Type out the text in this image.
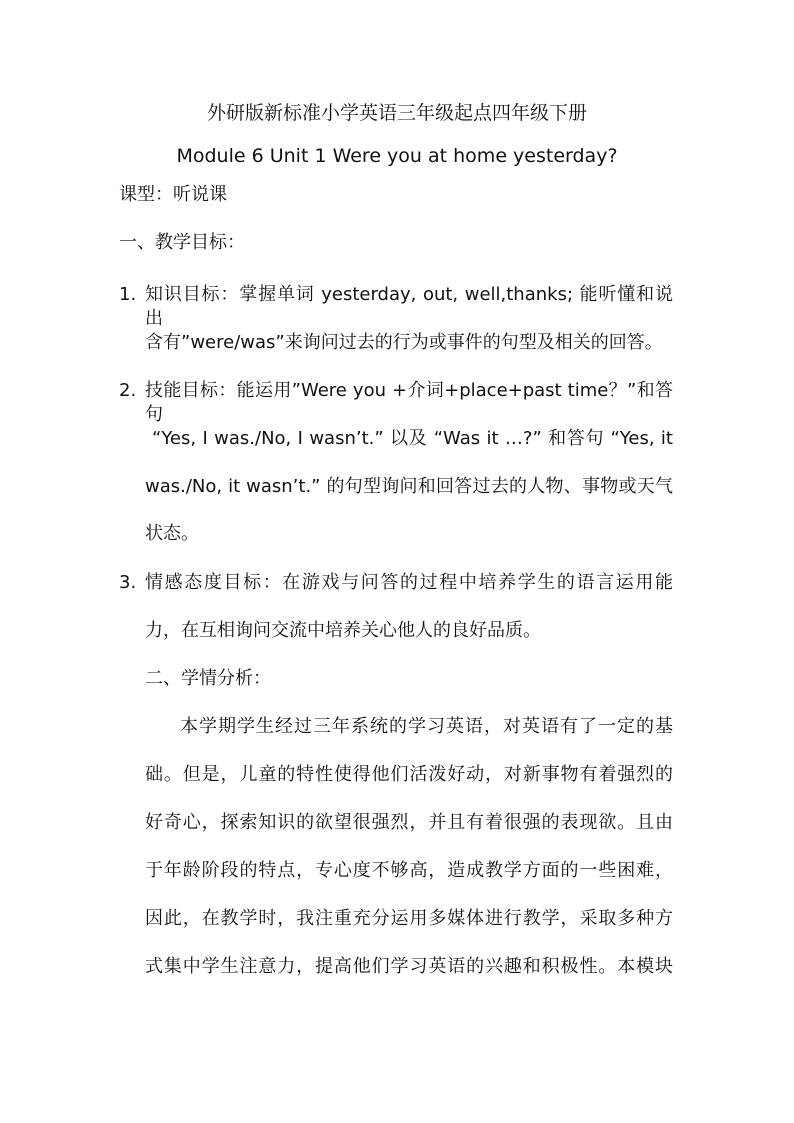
外研版新标准小学英语三年级起点四年级下册
Module 6 Unit 1 Were you at home yesterday?
课型：听说课
一、教学目标：
1. 知识目标：掌握单词 yesterday, out, well,thanks; 能听懂和说出
含有”were/was”来询问过去的行为或事件的句型及相关的回答。
2. 技能目标：能运用”Were you +介词+place+past time？”和答句
“Yes, I was./No, I wasn’t.” 以及 “Was it …?” 和答句 “Yes, it
was./No, it wasn’t.” 的句型询问和回答过去的人物、事物或天气
状态。
3. 情感态度目标：在游戏与问答的过程中培养学生的语言运用能
力，在互相询问交流中培养关心他人的良好品质。
二、学情分析：
本学期学生经过三年系统的学习英语，对英语有了一定的基
础。但是，儿童的特性使得他们活泼好动，对新事物有着强烈的
好奇心，探索知识的欲望很强烈，并且有着很强的表现欲。且由
于年龄阶段的特点，专心度不够高，造成教学方面的一些困难，
因此，在教学时，我注重充分运用多媒体进行教学，采取多种方
式集中学生注意力，提高他们学习英语的兴趣和积极性。本模块
